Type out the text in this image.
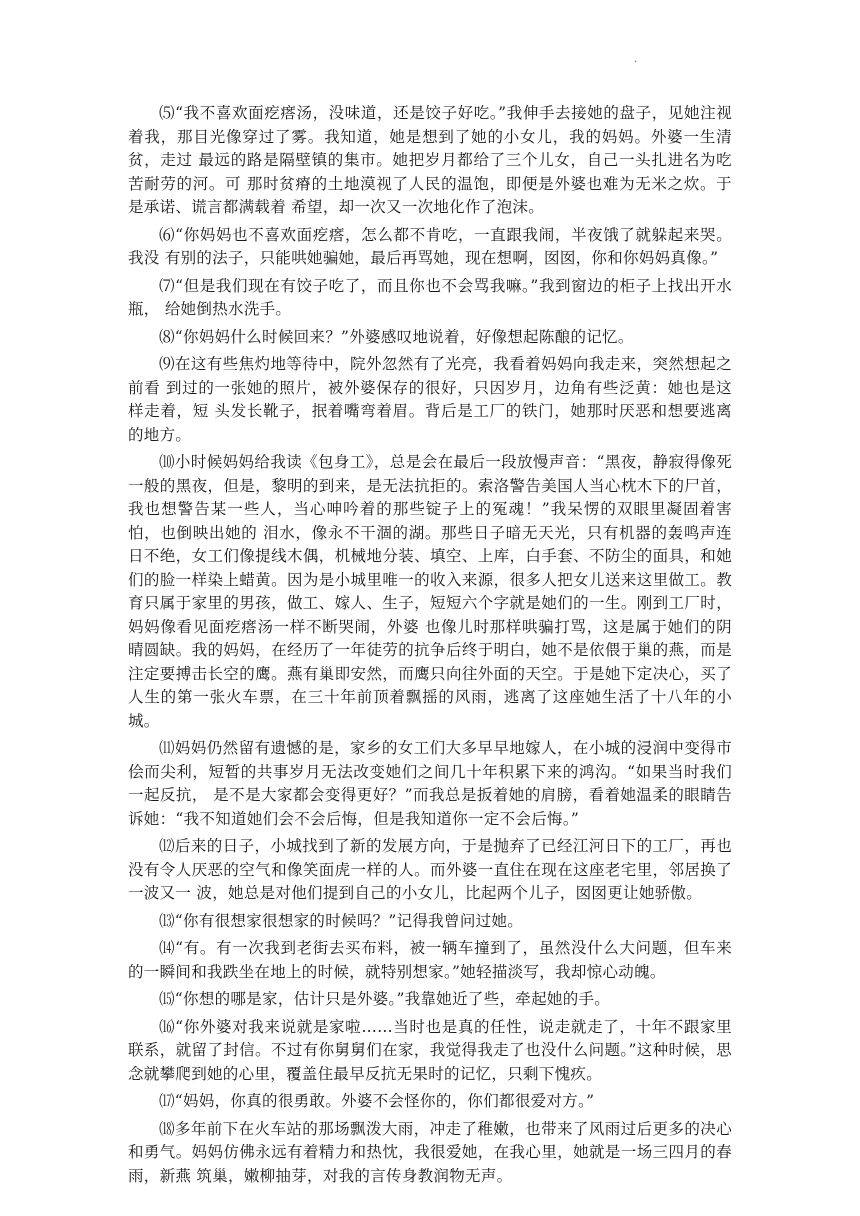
.

⑸“我不喜欢面疙瘩汤，没味道，还是饺子好吃。”我伸手去接她的盘子，见她注视着我，那目光像穿过了雾。我知道，她是想到了她的小女儿，我的妈妈。外婆一生清贫，走过 最远的路是隔壁镇的集市。她把岁月都给了三个儿女，自己一头扎进名为吃苦耐劳的河。可 那时贫瘠的土地漠视了人民的温饱，即便是外婆也难为无米之炊。于是承诺、谎言都满载着 希望，却一次又一次地化作了泡沫。

⑹“你妈妈也不喜欢面疙瘩，怎么都不肯吃，一直跟我闹，半夜饿了就躲起来哭。我没 有别的法子，只能哄她骗她，最后再骂她，现在想啊，囡囡，你和你妈妈真像。”

⑺“但是我们现在有饺子吃了，而且你也不会骂我嘛。”我到窗边的柜子上找出开水瓶， 给她倒热水洗手。

⑻“你妈妈什么时候回来？”外婆感叹地说着，好像想起陈酿的记忆。

⑼在这有些焦灼地等待中，院外忽然有了光亮，我看着妈妈向我走来，突然想起之前看 到过的一张她的照片，被外婆保存的很好，只因岁月，边角有些泛黄：她也是这样走着，短 头发长靴子，抿着嘴弯着眉。背后是工厂的铁门，她那时厌恶和想要逃离的地方。

⑽小时候妈妈给我读《包身工》，总是会在最后一段放慢声音：“黑夜，静寂得像死一般的黑夜，但是，黎明的到来，是无法抗拒的。索洛警告美国人当心枕木下的尸首，我也想警告某一些人，当心呻吟着的那些锭子上的冤魂！”我呆愣的双眼里凝固着害怕，也倒映出她的 泪水，像永不干涸的湖。那些日子暗无天光，只有机器的轰鸣声连日不绝，女工们像提线木偶，机械地分装、填空、上库，白手套、不防尘的面具，和她们的脸一样染上蜡黄。因为是小城里唯一的收入来源，很多人把女儿送来这里做工。教育只属于家里的男孩，做工、嫁人、生子，短短六个字就是她们的一生。刚到工厂时，妈妈像看见面疙瘩汤一样不断哭闹，外婆 也像儿时那样哄骗打骂，这是属于她们的阴晴圆缺。我的妈妈，在经历了一年徒劳的抗争后终于明白，她不是依偎于巢的燕，而是注定要搏击长空的鹰。燕有巢即安然，而鹰只向往外面的天空。于是她下定决心，买了人生的第一张火车票，在三十年前顶着飘摇的风雨，逃离了这座她生活了十八年的小城。

⑾妈妈仍然留有遗憾的是，家乡的女工们大多早早地嫁人，在小城的浸润中变得市侩而尖利，短暂的共事岁月无法改变她们之间几十年积累下来的鸿沟。“如果当时我们一起反抗， 是不是大家都会变得更好？”而我总是扳着她的肩膀，看着她温柔的眼睛告诉她：“我不知道她们会不会后悔，但是我知道你一定不会后悔。”

⑿后来的日子，小城找到了新的发展方向，于是抛弃了已经江河日下的工厂，再也没有令人厌恶的空气和像笑面虎一样的人。而外婆一直住在现在这座老宅里，邻居换了一波又一 波，她总是对他们提到自己的小女儿，比起两个儿子，囡囡更让她骄傲。

⒀“你有很想家很想家的时候吗？”记得我曾问过她。

⒁“有。有一次我到老街去买布料，被一辆车撞到了，虽然没什么大问题，但车来的一瞬间和我跌坐在地上的时候，就特别想家。”她轻描淡写，我却惊心动魄。

⒂“你想的哪是家，估计只是外婆。”我靠她近了些，牵起她的手。

⒃“你外婆对我来说就是家啦……当时也是真的任性，说走就走了，十年不跟家里联系，就留了封信。不过有你舅舅们在家，我觉得我走了也没什么问题。”这种时候，思念就攀爬到她的心里，覆盖住最早反抗无果时的记忆，只剩下愧疚。

⒄“妈妈，你真的很勇敢。外婆不会怪你的，你们都很爱对方。”

⒅多年前下在火车站的那场飘泼大雨，冲走了稚嫩，也带来了风雨过后更多的决心和勇气。妈妈仿佛永远有着精力和热忱，我很爱她，在我心里，她就是一场三四月的春雨，新燕 筑巢，嫩柳抽芽，对我的言传身教润物无声。
